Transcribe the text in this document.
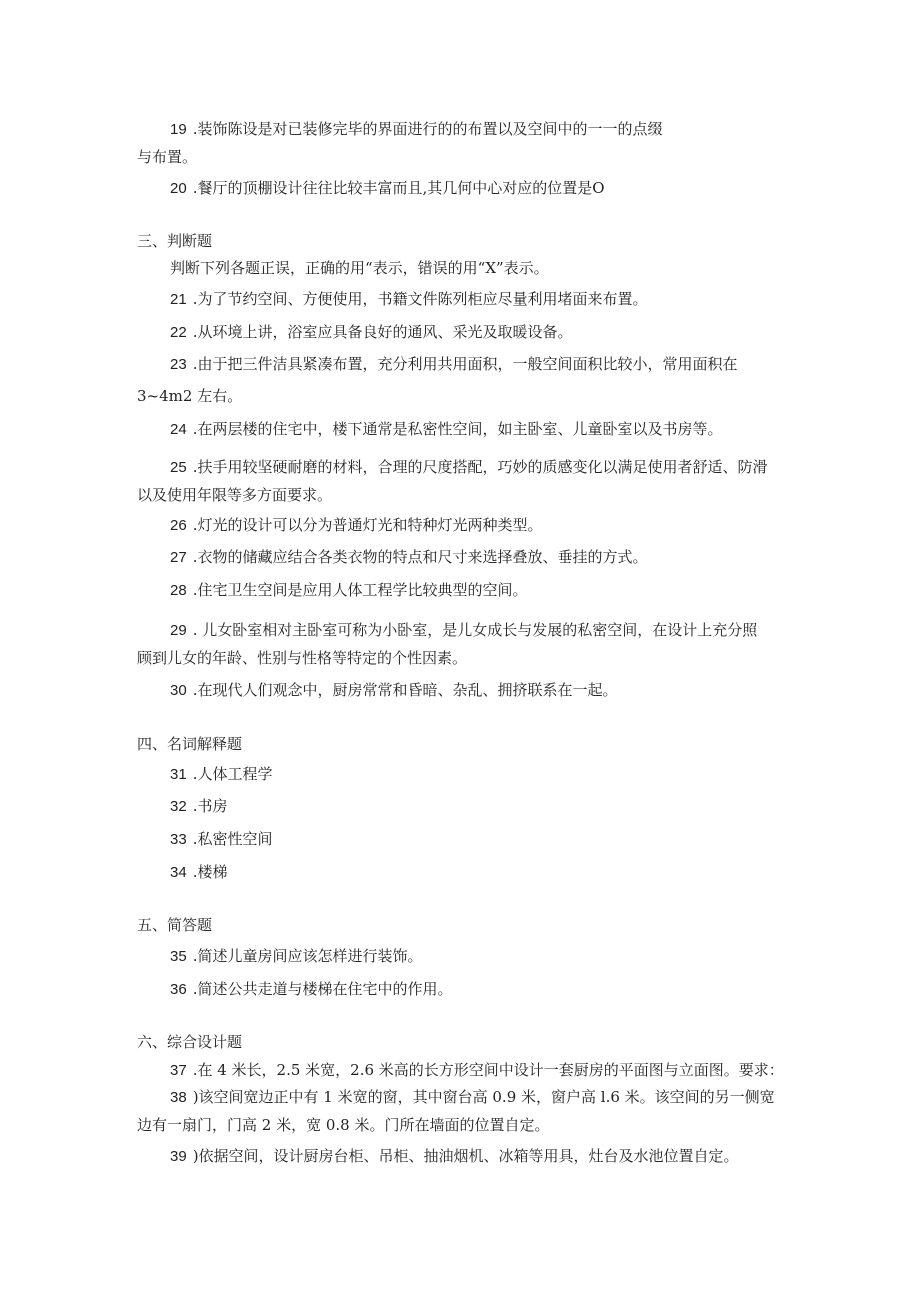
19 .装饰陈设是对已装修完毕的界面进行的的布置以及空间中的一一的点缀
与布置。
20 .餐厅的顶棚设计往往比较丰富而且,其几何中心对应的位置是O
三、判断题
判断下列各题正误，正确的用“表示，错误的用“X”表示。
21 .为了节约空间、方便使用，书籍文件陈列柜应尽量利用堵面来布置。
22 .从环境上讲，浴室应具备良好的通风、采光及取暖设备。
23 .由于把三件洁具紧凑布置，充分利用共用面积，一般空间面积比较小，常用面积在
3~4m2 左右。
24 .在两层楼的住宅中，楼下通常是私密性空间，如主卧室、儿童卧室以及书房等。
25 .扶手用较坚硬耐磨的材料，合理的尺度搭配，巧妙的质感变化以满足使用者舒适、防滑
以及使用年限等多方面要求。
26 .灯光的设计可以分为普通灯光和特种灯光两种类型。
27 .衣物的储藏应结合各类衣物的特点和尺寸来选择叠放、垂挂的方式。
28 .住宅卫生空间是应用人体工程学比较典型的空间。
29 . 儿女卧室相对主卧室可称为小卧室，是儿女成长与发展的私密空间，在设计上充分照
顾到儿女的年龄、性别与性格等特定的个性因素。
30 .在现代人们观念中，厨房常常和昏暗、杂乱、拥挤联系在一起。
四、名词解释题
31 .人体工程学
32 .书房
33 .私密性空间
34 .楼梯
五、简答题
35 .简述儿童房间应该怎样进行装饰。
36 .简述公共走道与楼梯在住宅中的作用。
六、综合设计题
37 .在 4 米长，2.5 米宽，2.6 米高的长方形空间中设计一套厨房的平面图与立面图。要求：
38 )该空间宽边正中有 1 米宽的窗，其中窗台高 0.9 米，窗户高 l.6 米。该空间的另一侧宽
边有一扇门，门高 2 米，宽 0.8 米。门所在墙面的位置自定。
39 )依据空间，设计厨房台柜、吊柜、抽油烟机、冰箱等用具，灶台及水池位置自定。
